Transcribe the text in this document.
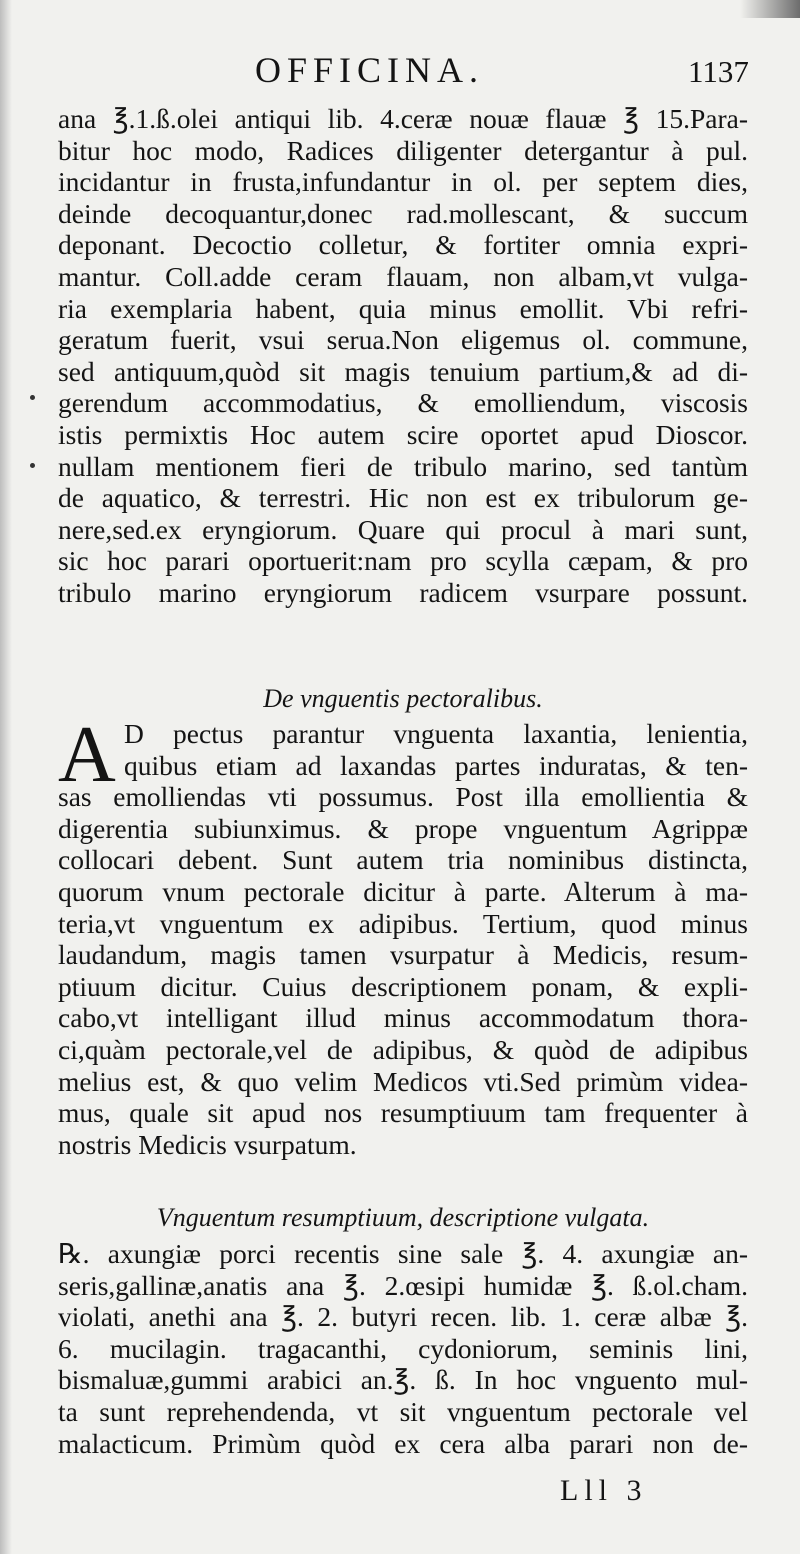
OFFICINA.	1137
ana ℥.1.ß.olei antiqui lib. 4.ceræ nouæ flauæ ℥ 15.Para-
bitur hoc modo, Radices diligenter detergantur à pul.
incidantur in frusta,infundantur in ol. per septem dies,
deinde decoquantur,donec rad.mollescant, & succum
deponant. Decoctio colletur, & fortiter omnia expri-
mantur. Coll.adde ceram flauam, non albam,vt vulga-
ria exemplaria habent, quia minus emollit. Vbi refri-
geratum fuerit, vsui serua.Non eligemus ol. commune,
sed antiquum,quòd sit magis tenuium partium,& ad di-
gerendum accommodatius, & emolliendum, viscosis
istis permixtis Hoc autem scire oportet apud Dioscor.
nullam mentionem fieri de tribulo marino, sed tantùm
de aquatico, & terrestri. Hic non est ex tribulorum ge-
nere,sed.ex eryngiorum. Quare qui procul à mari sunt,
sic hoc parari oportuerit:nam pro scylla cæpam, & pro
tribulo marino eryngiorum radicem vsurpare possunt.
De vnguentis pectoralibus.
A D pectus parantur vnguenta laxantia, lenientia,
quibus etiam ad laxandas partes induratas, & ten-
sas emolliendas vti possumus. Post illa emollientia &
digerentia subiunximus. & prope vnguentum Agrippæ
collocari debent. Sunt autem tria nominibus distincta,
quorum vnum pectorale dicitur à parte. Alterum à ma-
teria,vt vnguentum ex adipibus. Tertium, quod minus
laudandum, magis tamen vsurpatur à Medicis, resum-
ptiuum dicitur. Cuius descriptionem ponam, & expli-
cabo,vt intelligant illud minus accommodatum thora-
ci,quàm pectorale,vel de adipibus, & quòd de adipibus
melius est, & quo velim Medicos vti.Sed primùm videa-
mus, quale sit apud nos resumptiuum tam frequenter à
nostris Medicis vsurpatum.
Vnguentum resumptiuum, descriptione vulgata.
℞. axungiæ porci recentis sine sale ℥. 4. axungiæ an-
seris,gallinæ,anatis ana ℥. 2.œsipi humidæ ℥. ß.ol.cham.
violati, anethi ana ℥. 2. butyri recen. lib. 1. ceræ albæ ℥.
6. mucilagin. tragacanthi, cydoniorum, seminis lini,
bismaluæ,gummi arabici an.℥. ß. In hoc vnguento mul-
ta sunt reprehendenda, vt sit vnguentum pectorale vel
malacticum. Primùm quòd ex cera alba parari non de-
Lll 3
